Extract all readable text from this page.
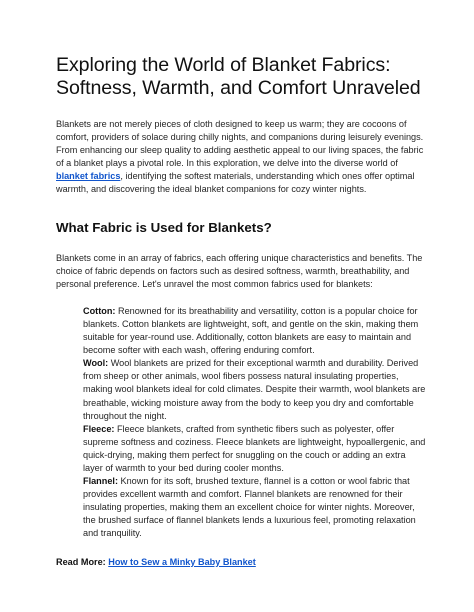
Exploring the World of Blanket Fabrics: Softness, Warmth, and Comfort Unraveled
Blankets are not merely pieces of cloth designed to keep us warm; they are cocoons of comfort, providers of solace during chilly nights, and companions during leisurely evenings. From enhancing our sleep quality to adding aesthetic appeal to our living spaces, the fabric of a blanket plays a pivotal role. In this exploration, we delve into the diverse world of blanket fabrics, identifying the softest materials, understanding which ones offer optimal warmth, and discovering the ideal blanket companions for cozy winter nights.
What Fabric is Used for Blankets?
Blankets come in an array of fabrics, each offering unique characteristics and benefits. The choice of fabric depends on factors such as desired softness, warmth, breathability, and personal preference. Let's unravel the most common fabrics used for blankets:

Cotton: Renowned for its breathability and versatility, cotton is a popular choice for blankets. Cotton blankets are lightweight, soft, and gentle on the skin, making them suitable for year-round use. Additionally, cotton blankets are easy to maintain and become softer with each wash, offering enduring comfort.

Wool: Wool blankets are prized for their exceptional warmth and durability. Derived from sheep or other animals, wool fibers possess natural insulating properties, making wool blankets ideal for cold climates. Despite their warmth, wool blankets are breathable, wicking moisture away from the body to keep you dry and comfortable throughout the night.

Fleece: Fleece blankets, crafted from synthetic fibers such as polyester, offer supreme softness and coziness. Fleece blankets are lightweight, hypoallergenic, and quick-drying, making them perfect for snuggling on the couch or adding an extra layer of warmth to your bed during cooler months.

Flannel: Known for its soft, brushed texture, flannel is a cotton or wool fabric that provides excellent warmth and comfort. Flannel blankets are renowned for their insulating properties, making them an excellent choice for winter nights. Moreover, the brushed surface of flannel blankets lends a luxurious feel, promoting relaxation and tranquility.

Read More: How to Sew a Minky Baby Blanket
